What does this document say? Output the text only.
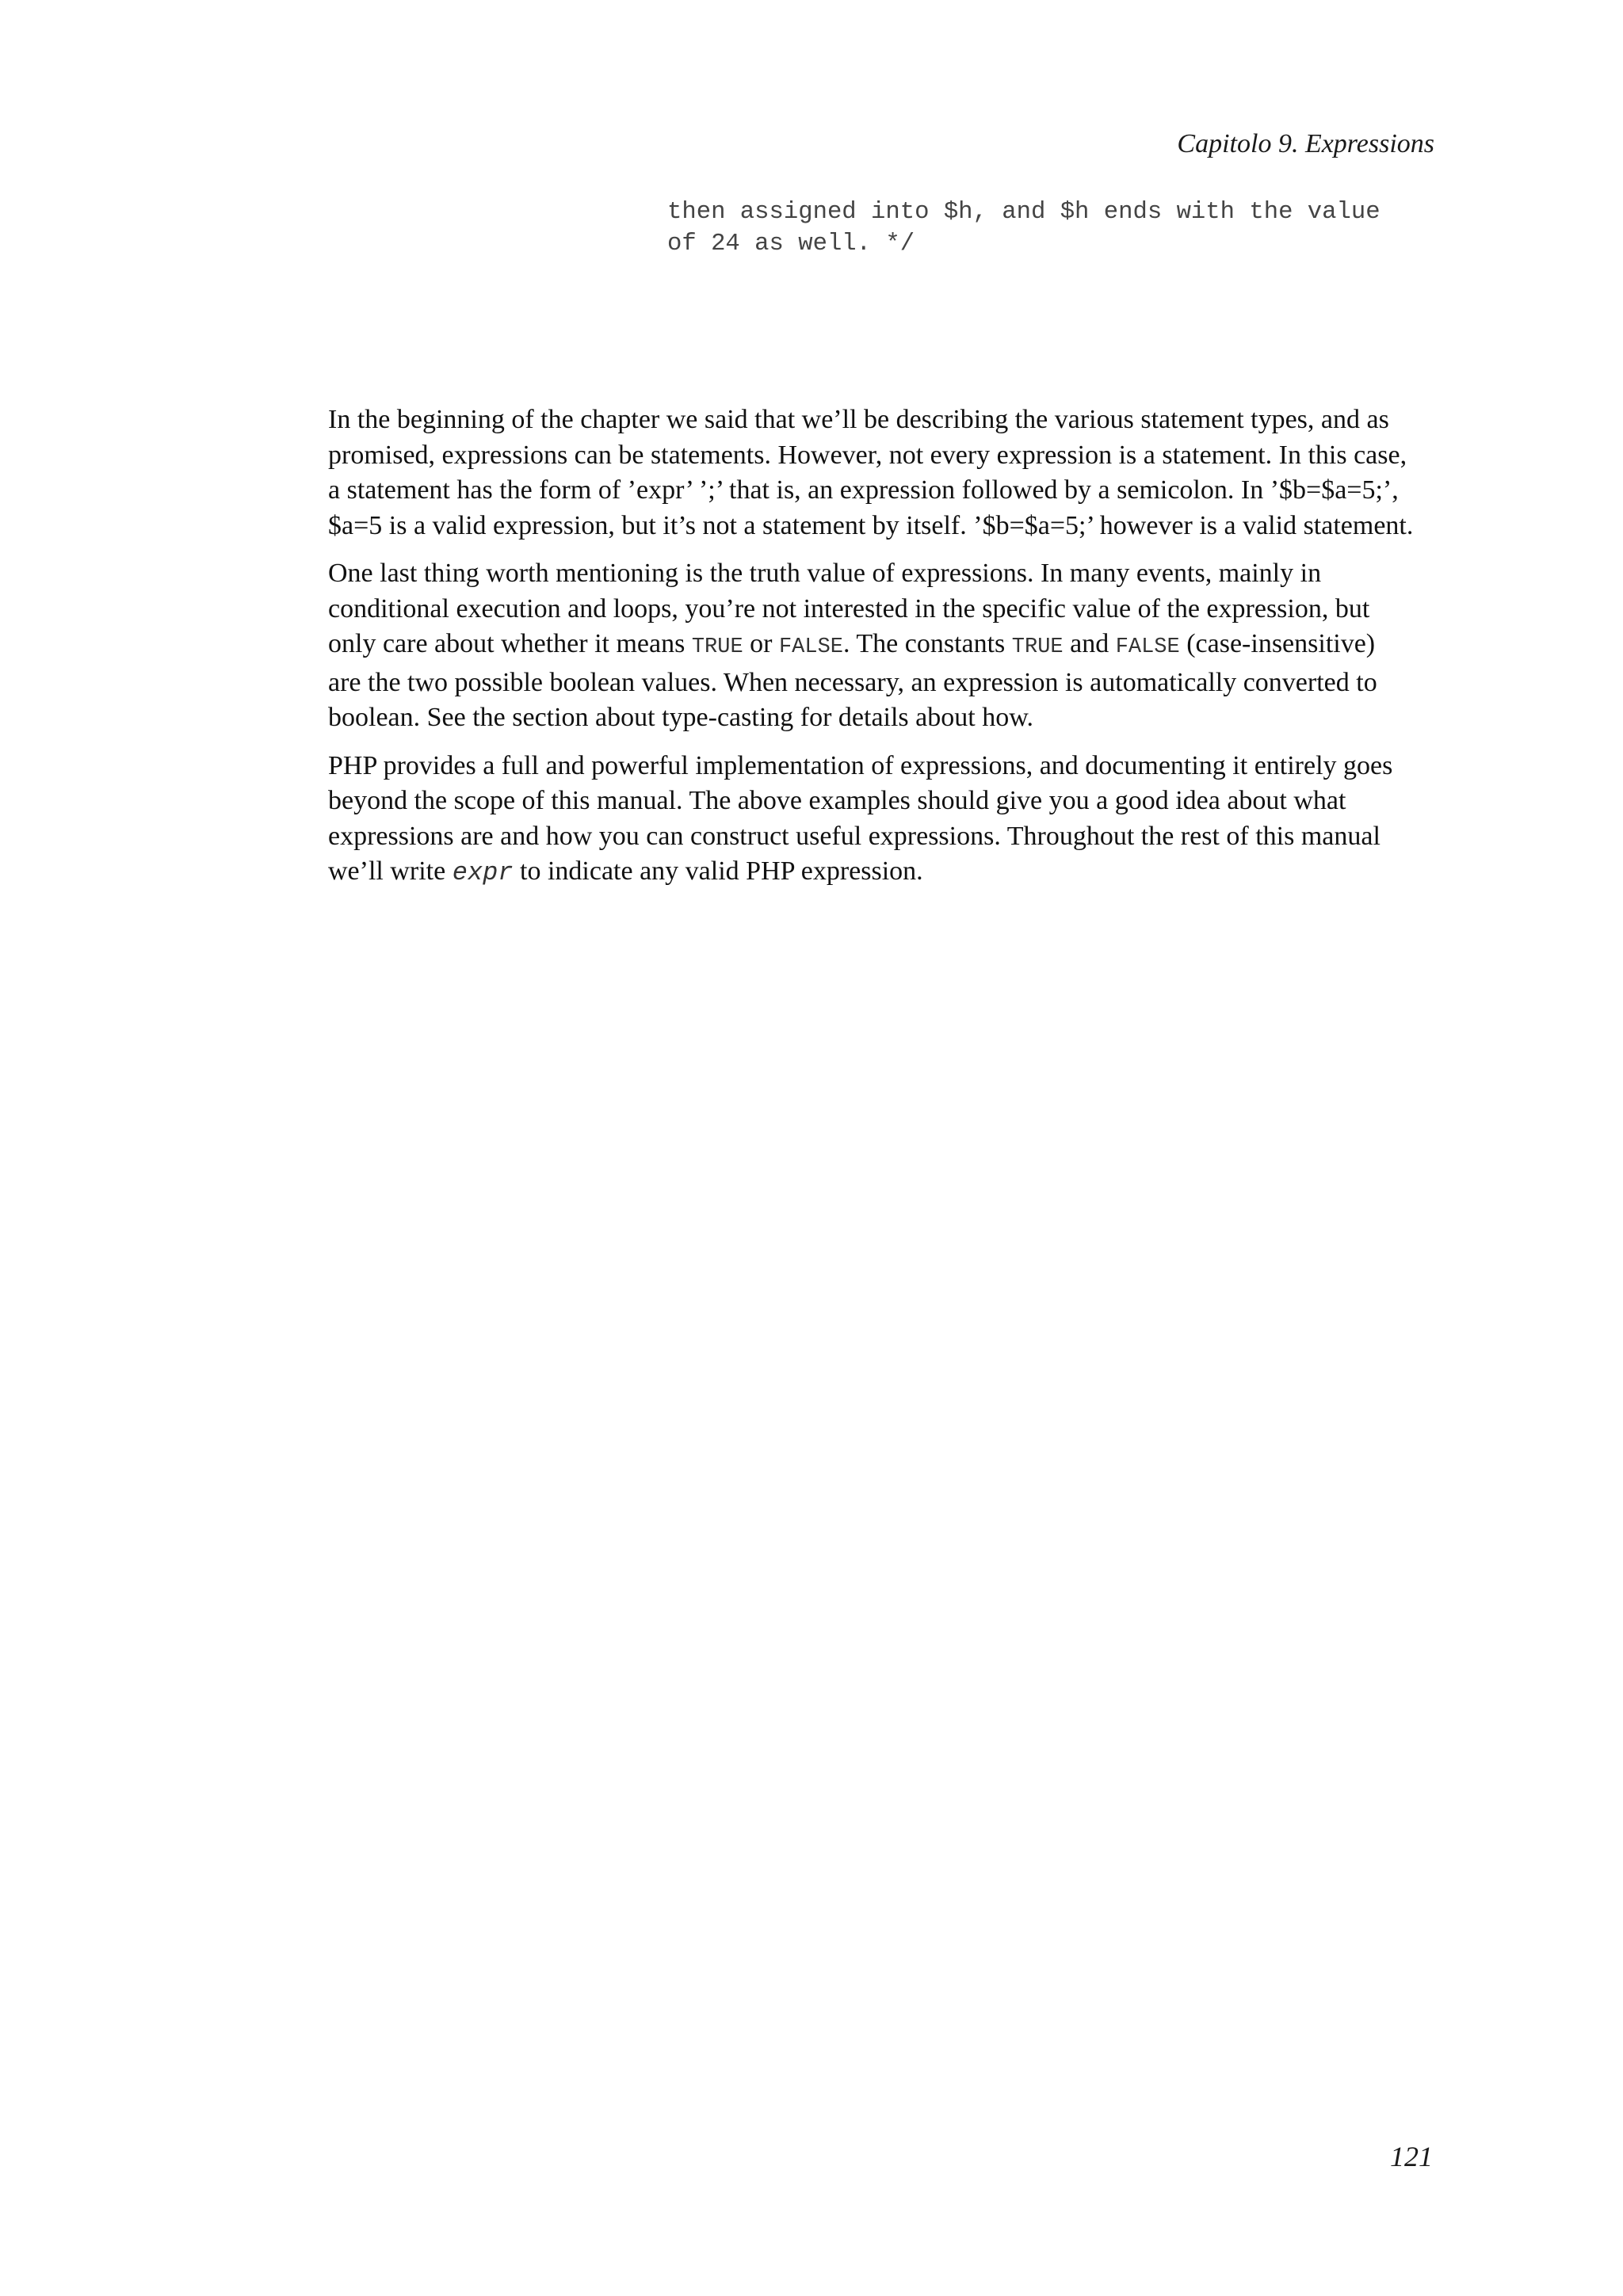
Capitolo 9. Expressions
then assigned into $h, and $h ends with the value
of 24 as well. */

In the beginning of the chapter we said that we’ll be describing the various statement types, and as
promised, expressions can be statements. However, not every expression is a statement. In this case,
a statement has the form of ’expr’ ’;’ that is, an expression followed by a semicolon. In ’$b=$a=5;’,
$a=5 is a valid expression, but it’s not a statement by itself. ’$b=$a=5;’ however is a valid statement.

One last thing worth mentioning is the truth value of expressions. In many events, mainly in
conditional execution and loops, you’re not interested in the specific value of the expression, but
only care about whether it means TRUE or FALSE. The constants TRUE and FALSE (case-insensitive)
are the two possible boolean values. When necessary, an expression is automatically converted to
boolean. See the section about type-casting for details about how.

PHP provides a full and powerful implementation of expressions, and documenting it entirely goes
beyond the scope of this manual. The above examples should give you a good idea about what
expressions are and how you can construct useful expressions. Throughout the rest of this manual
we’ll write expr to indicate any valid PHP expression.

121
